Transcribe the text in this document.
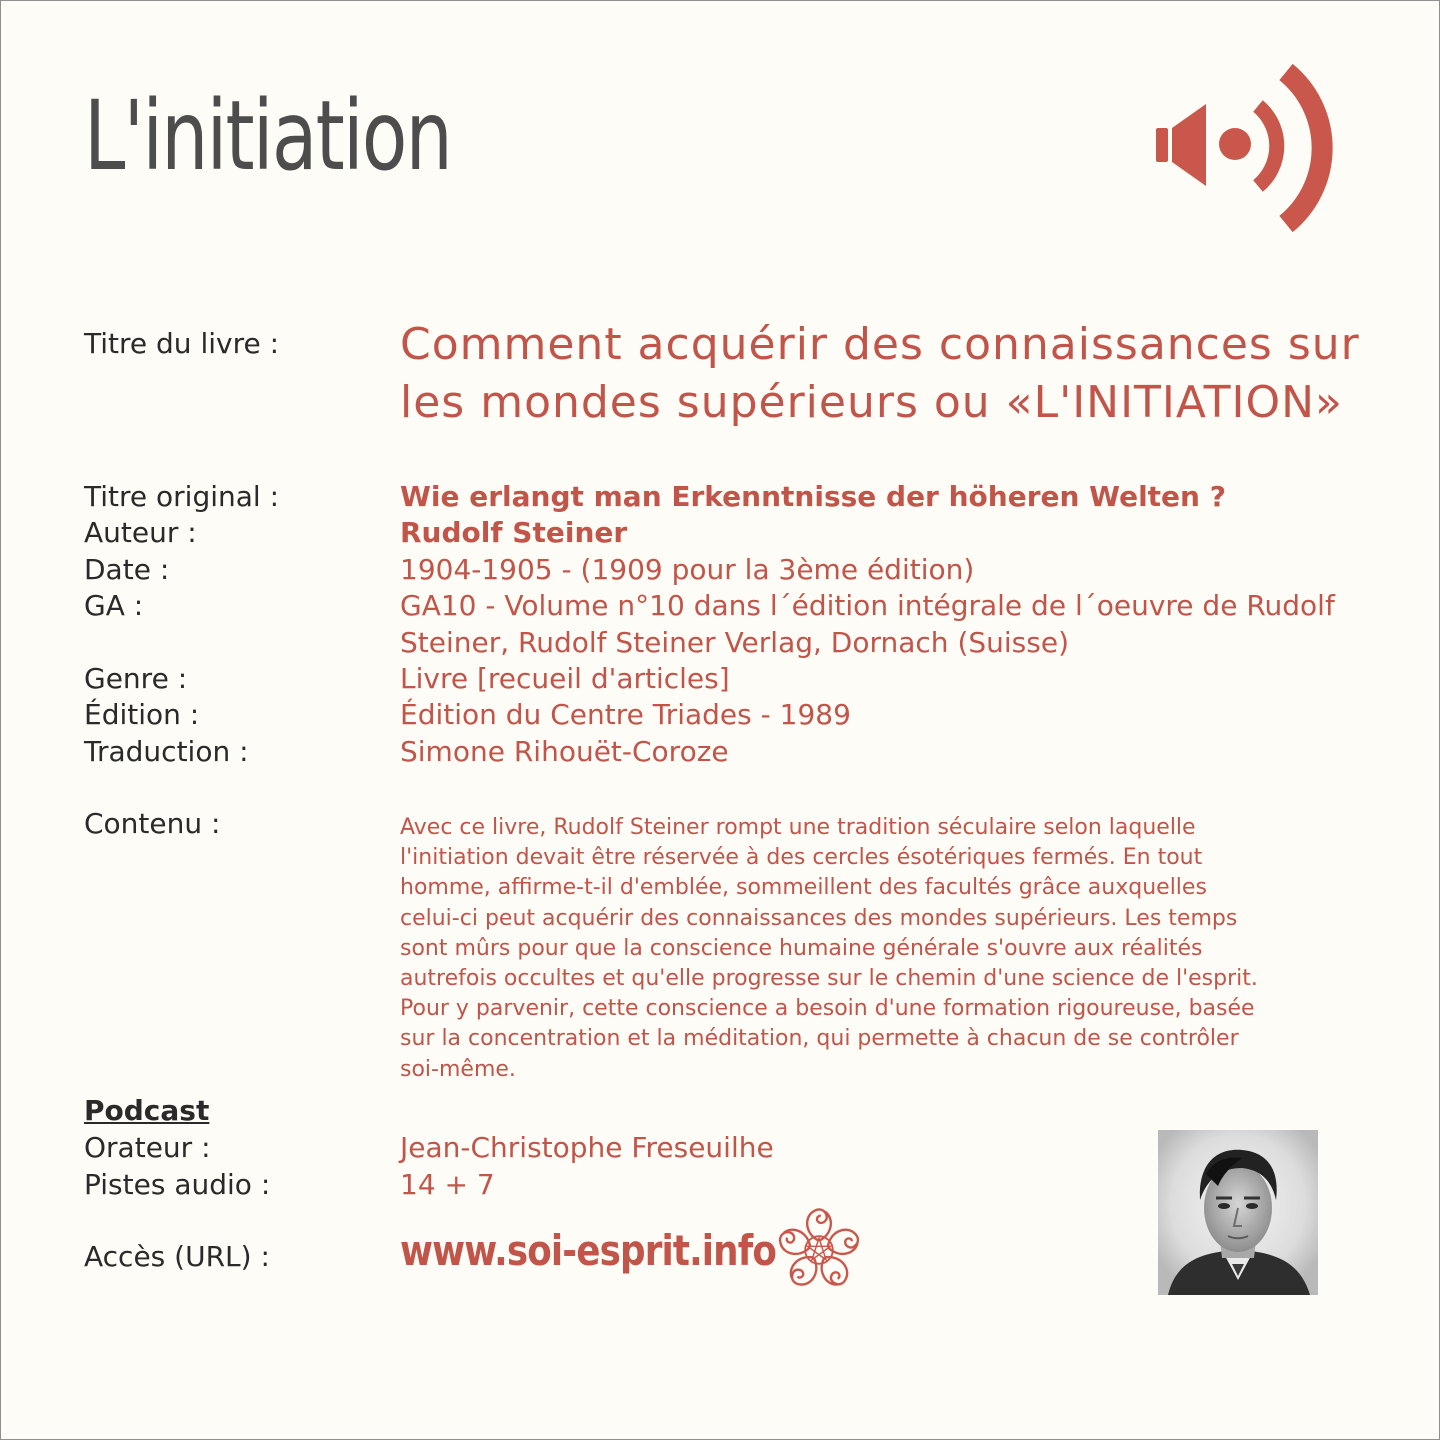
L'initiation
Titre du livre :	Comment acquérir des connaissances sur
les mondes supérieurs ou «L'INITIATION»
Titre original :	Wie erlangt man Erkenntnisse der höheren Welten ?
Auteur :	Rudolf Steiner
Date :	1904-1905 - (1909 pour la 3ème édition)
GA :	GA10 - Volume n°10 dans l´édition intégrale de l´oeuvre de Rudolf
Steiner, Rudolf Steiner Verlag, Dornach (Suisse)
Genre :	Livre [recueil d'articles]
Édition :	Édition du Centre Triades - 1989
Traduction :	Simone Rihouët-Coroze
Contenu :	Avec ce livre, Rudolf Steiner rompt une tradition séculaire selon laquelle
l'initiation devait être réservée à des cercles ésotériques fermés. En tout
homme, affirme-t-il d'emblée, sommeillent des facultés grâce auxquelles
celui-ci peut acquérir des connaissances des mondes supérieurs. Les temps
sont mûrs pour que la conscience humaine générale s'ouvre aux réalités
autrefois occultes et qu'elle progresse sur le chemin d'une science de l'esprit.
Pour y parvenir, cette conscience a besoin d'une formation rigoureuse, basée
sur la concentration et la méditation, qui permette à chacun de se contrôler
soi-même.
Podcast
Orateur :	Jean-Christophe Freseuilhe
Pistes audio :	14 + 7
Accès (URL) :	www.soi-esprit.info
